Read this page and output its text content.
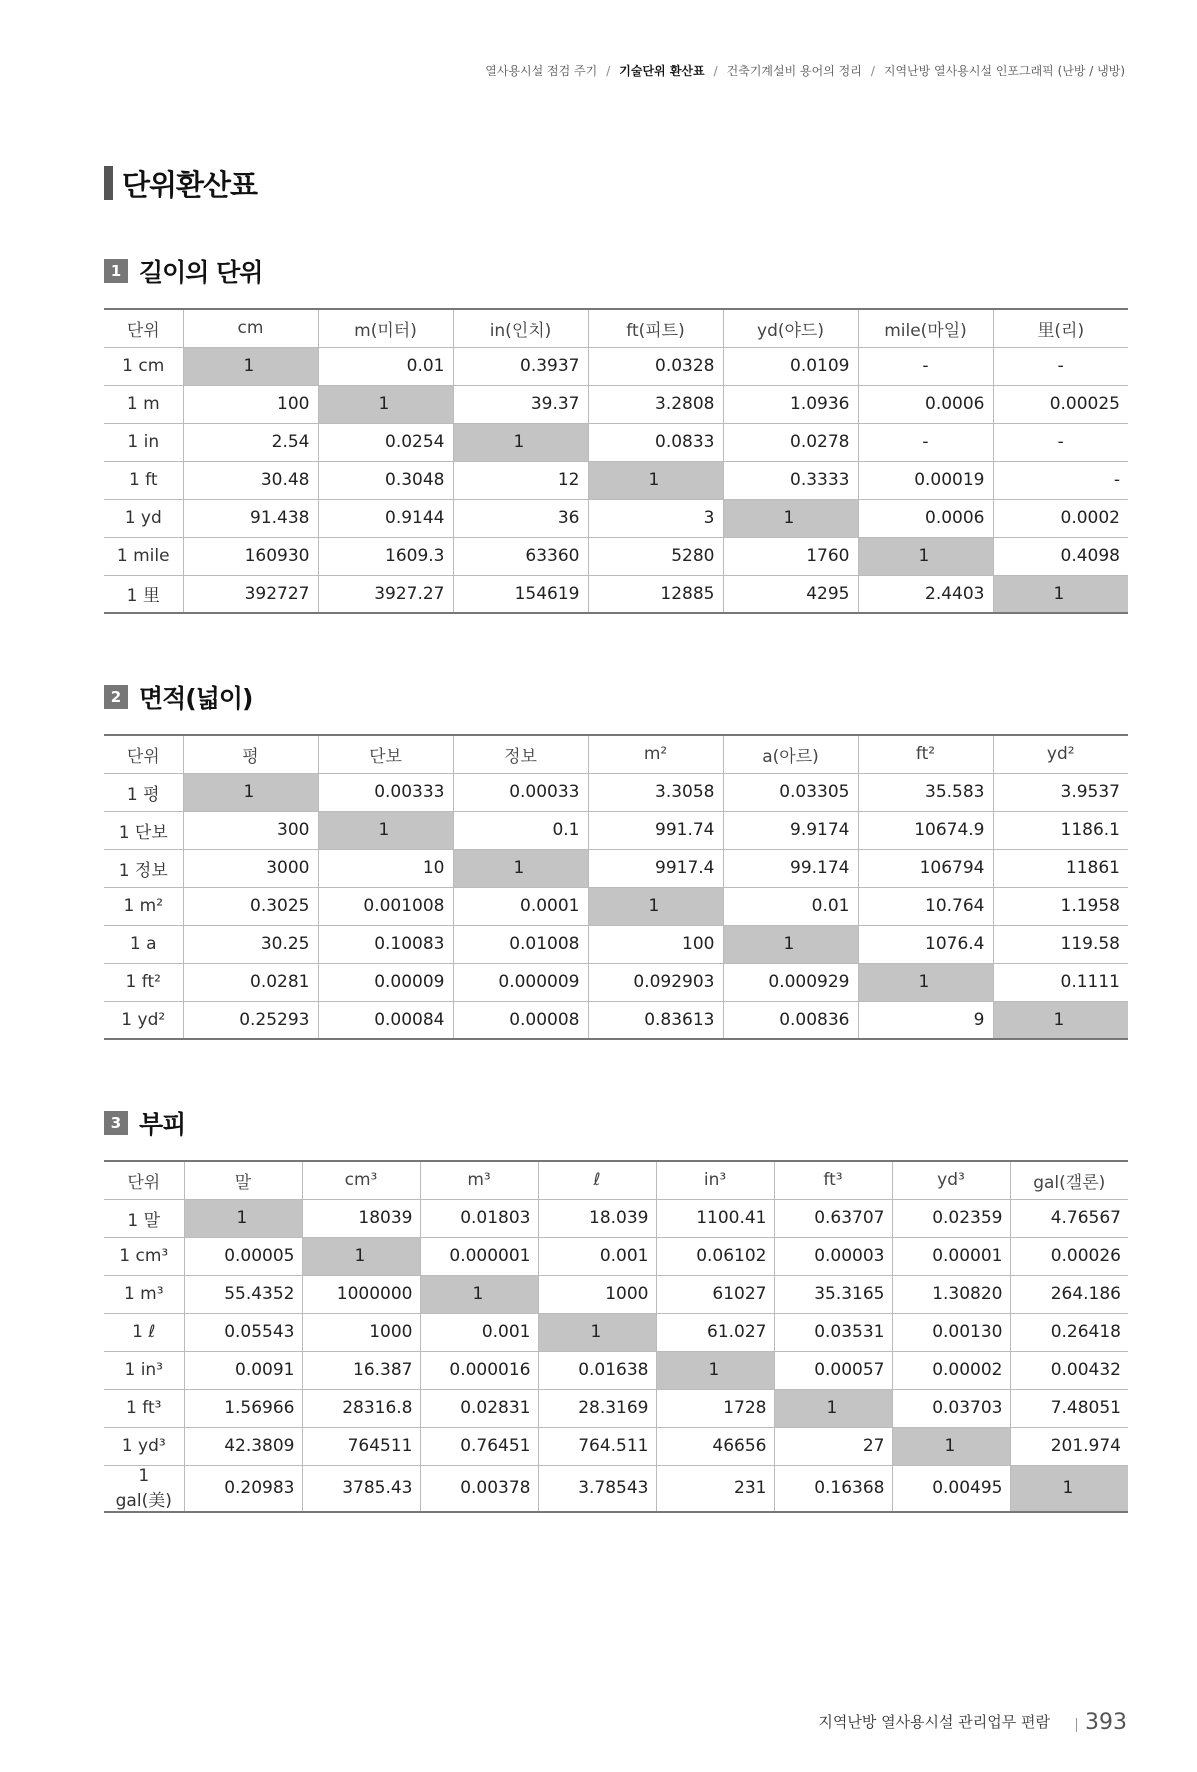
열사용시설 점검 주기 / 기술단위 환산표 / 건축기계설비 용어의 정리 / 지역난방 열사용시설 인포그래픽 (난방 / 냉방)
단위환산표
1 길이의 단위
단위	cm	m(미터)	in(인치)	ft(피트)	yd(야드)	mile(마일)	里(리)
1 cm	1	0.01	0.3937	0.0328	0.0109	-	-
1 m	100	1	39.37	3.2808	1.0936	0.0006	0.00025
1 in	2.54	0.0254	1	0.0833	0.0278	-	-
1 ft	30.48	0.3048	12	1	0.3333	0.00019	-
1 yd	91.438	0.9144	36	3	1	0.0006	0.0002
1 mile	160930	1609.3	63360	5280	1760	1	0.4098
1 里	392727	3927.27	154619	12885	4295	2.4403	1
2 면적(넓이)
단위	평	단보	정보	m²	a(아르)	ft²	yd²
1 평	1	0.00333	0.00033	3.3058	0.03305	35.583	3.9537
1 단보	300	1	0.1	991.74	9.9174	10674.9	1186.1
1 정보	3000	10	1	9917.4	99.174	106794	11861
1 m²	0.3025	0.001008	0.0001	1	0.01	10.764	1.1958
1 a	30.25	0.10083	0.01008	100	1	1076.4	119.58
1 ft²	0.0281	0.00009	0.000009	0.092903	0.000929	1	0.1111
1 yd²	0.25293	0.00084	0.00008	0.83613	0.00836	9	1
3 부피
단위	말	cm³	m³	ℓ	in³	ft³	yd³	gal(갤론)
1 말	1	18039	0.01803	18.039	1100.41	0.63707	0.02359	4.76567
1 cm³	0.00005	1	0.000001	0.001	0.06102	0.00003	0.00001	0.00026
1 m³	55.4352	1000000	1	1000	61027	35.3165	1.30820	264.186
1 ℓ	0.05543	1000	0.001	1	61.027	0.03531	0.00130	0.26418
1 in³	0.0091	16.387	0.000016	0.01638	1	0.00057	0.00002	0.00432
1 ft³	1.56966	28316.8	0.02831	28.3169	1728	1	0.03703	7.48051
1 yd³	42.3809	764511	0.76451	764.511	46656	27	1	201.974
1 gal(美)	0.20983	3785.43	0.00378	3.78543	231	0.16368	0.00495	1
지역난방 열사용시설 관리업무 편람 393
